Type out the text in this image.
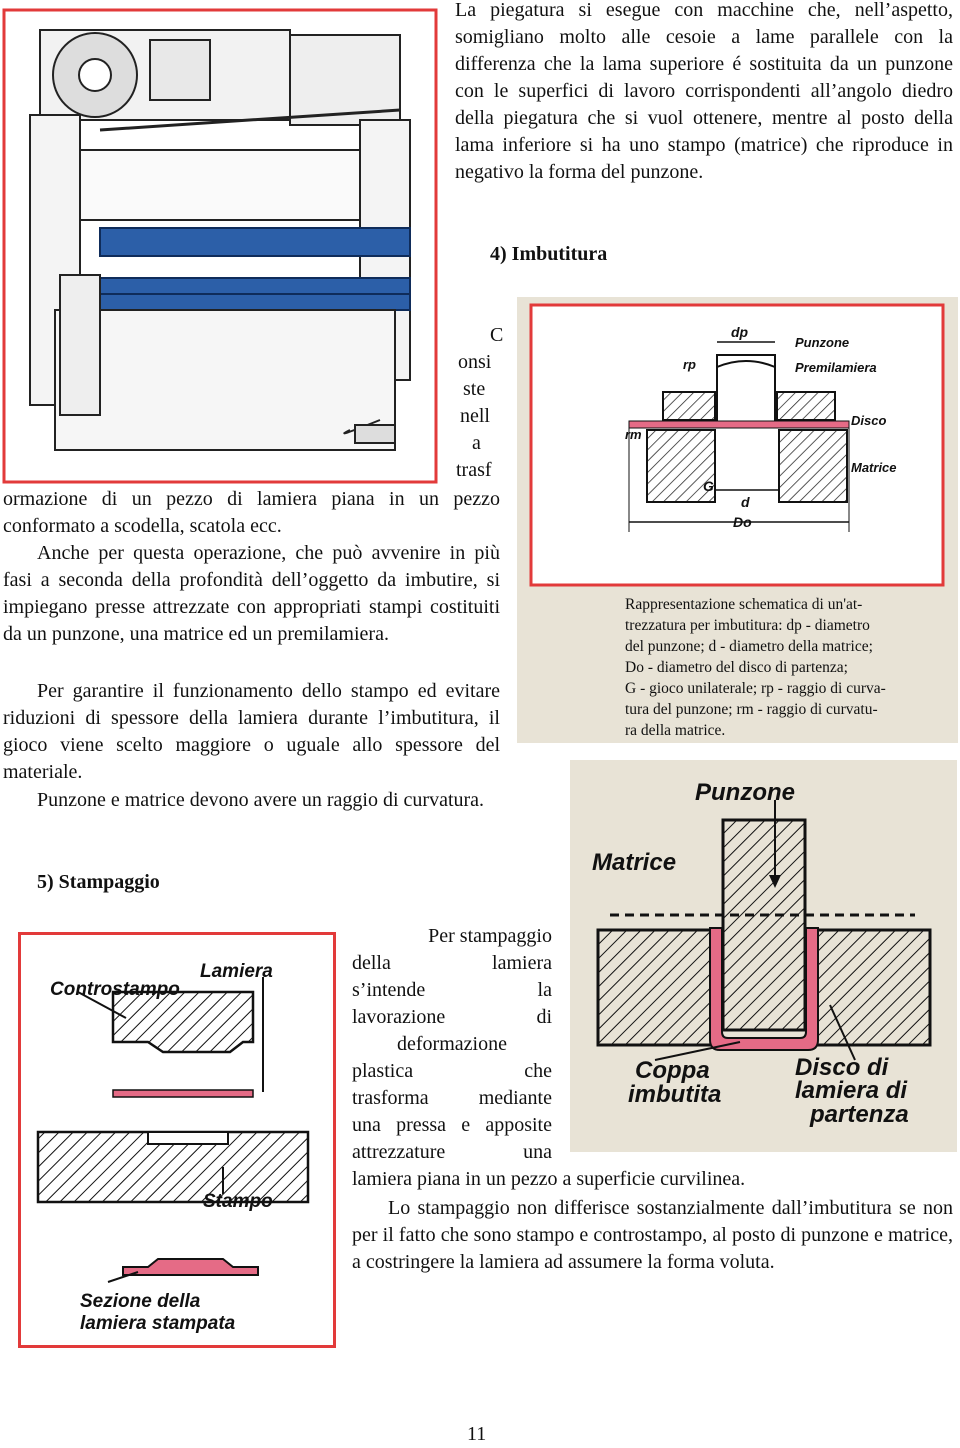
La piegatura si esegue con macchine che, nell’aspetto, somigliano molto alle cesoie a lame parallele con la differenza che la lama superiore é sostituita da un punzone con le superfici di lavoro corrispondenti all’angolo diedro della piegatura che si vuol ottenere, mentre al posto della lama inferiore si ha uno stampo (matrice) che riproduce in negativo la forma del punzone.
4) Imbutitura
C
onsi
ste
nell
a
trasf
ormazione di un pezzo di lamiera piana in un pezzo conformato a scodella, scatola ecc.
Anche per questa operazione, che può avvenire in più fasi a seconda della profondità dell’oggetto da imbutire, si impiegano presse attrezzate con appropriati stampi costituiti da un punzone, una matrice ed un premilamiera.
Per garantire il funzionamento dello stampo ed evitare riduzioni di spessore della lamiera durante l’imbutitura, il gioco viene scelto maggiore o uguale allo spessore del materiale.
Punzone e matrice devono avere un raggio di curvatura.
dp
Punzone
Premilamiera
rp
Disco
rm
Matrice
G
d
Do
Rappresentazione schematica di un'at-
trezzatura per imbutitura: dp - diametro
del punzone; d - diametro della matrice;
Do - diametro del disco di partenza;
G - gioco unilaterale; rp - raggio di curva-
tura del punzone; rm - raggio di curvatu-
ra della matrice.
Punzone
Matrice
Coppa
imbutita
Disco di
lamiera di
partenza
5) Stampaggio
Lamiera
Controstampo
Stampo
Sezione della
lamiera stampata
Per stampaggio
della lamiera
s’intende la
lavorazione di
deformazione
plastica che
trasforma mediante
una pressa e apposite
attrezzature una
lamiera piana in un pezzo a superficie curvilinea.
Lo stampaggio non differisce sostanzialmente dall’imbutitura se non per il fatto che sono stampo e controstampo, al posto di punzone e matrice, a costringere la lamiera ad assumere la forma voluta.
11
